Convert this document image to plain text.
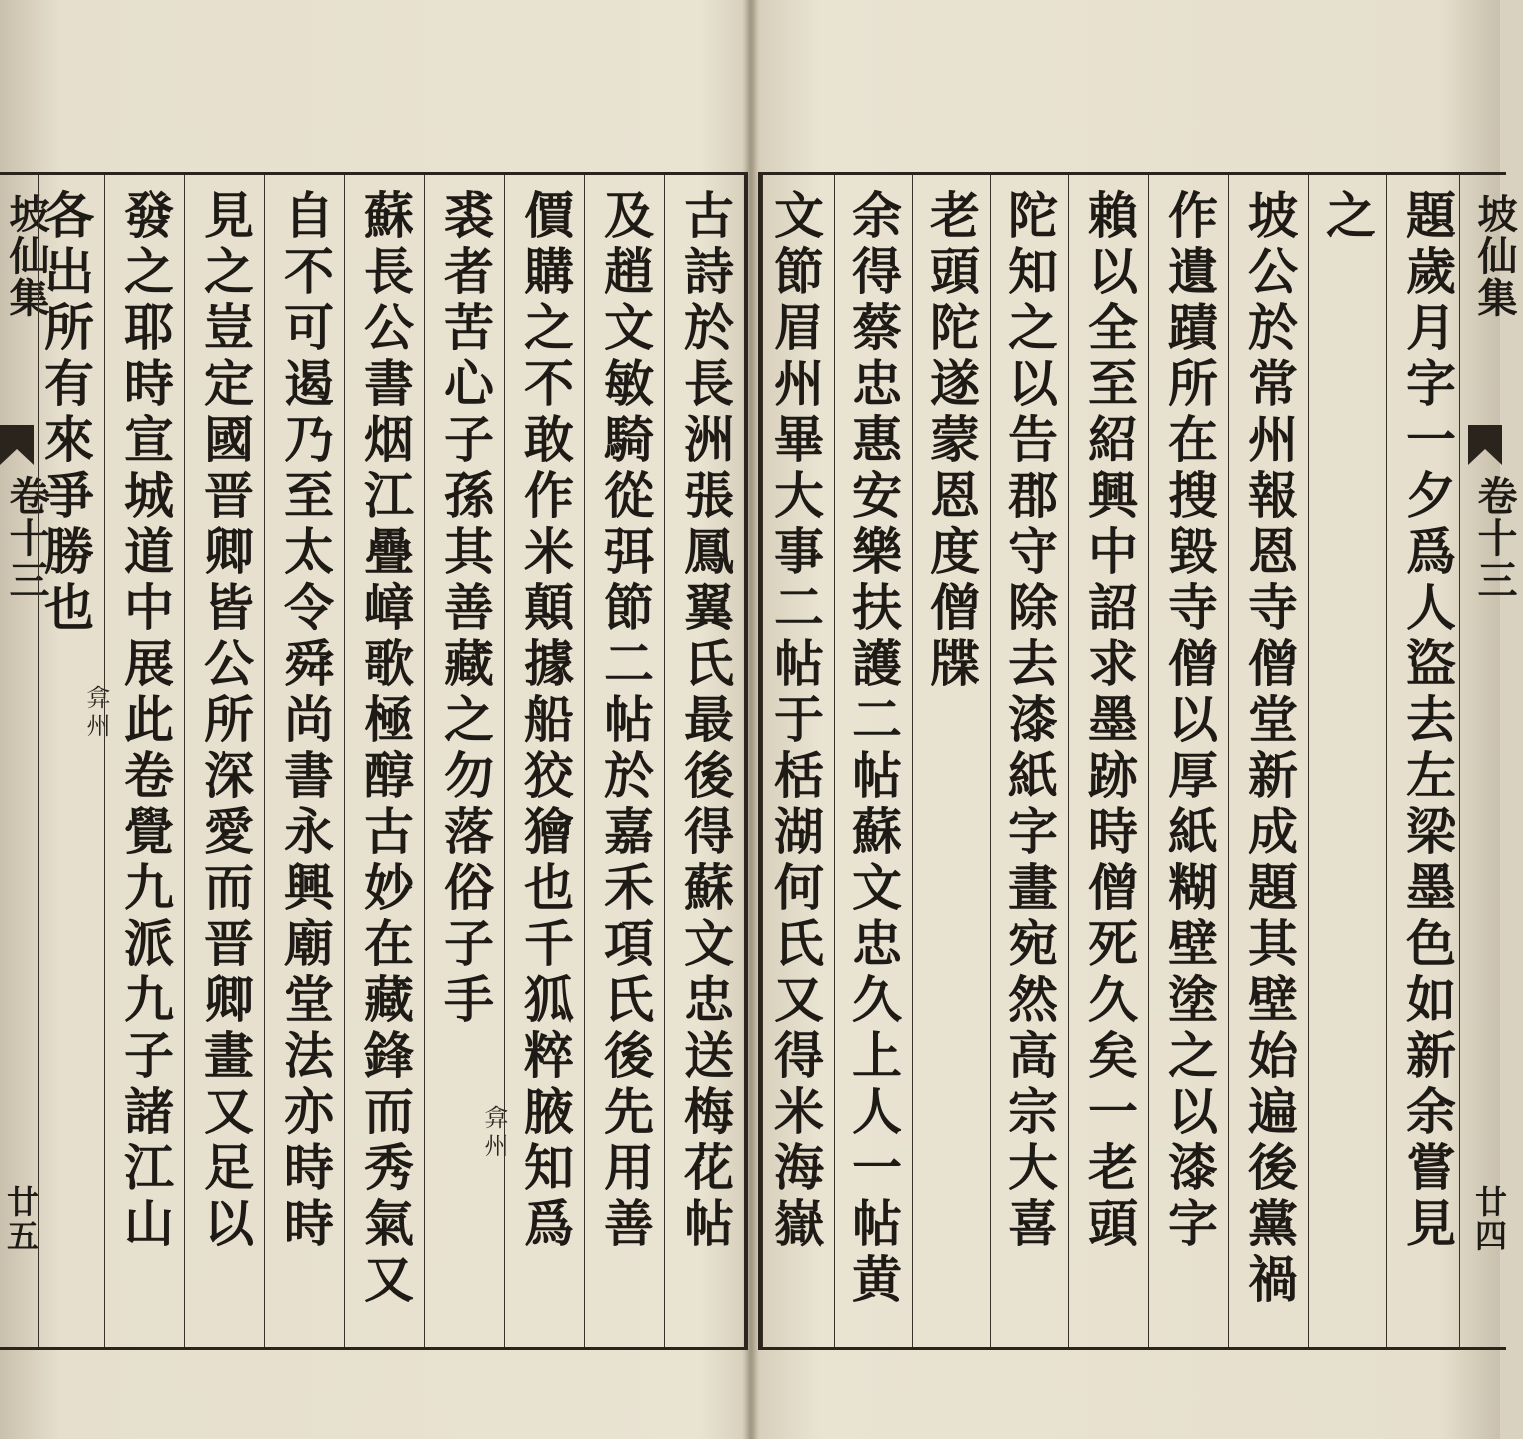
坡仙集
卷十三
廿五	古詩於長洲張鳳翼氏最後得蘇文忠送梅花帖
及趙文敏騎從弭節二帖於嘉禾項氏後先用善
價購之不敢作米顛據船狡獪也千狐粹腋知爲
裘者苦心子孫其善藏之勿落俗子手
弇州
蘇長公書烟江疊嶂歌極醇古妙在藏鋒而秀氣又
自不可遏乃至太令舜尚書永興廟堂法亦時時
見之豈定國晋卿皆公所深愛而晋卿畫又足以
發之耶時宣城道中展此卷覺九派九子諸江山
各出所有來爭勝也
弇州	題歲月字一夕爲人盜去左梁墨色如新余嘗見
之
坡公於常州報恩寺僧堂新成題其壁始遍後黨禍
作遺蹟所在搜毀寺僧以厚紙糊壁塗之以漆字
賴以全至紹興中詔求墨跡時僧死久矣一老頭
陀知之以告郡守除去漆紙字畫宛然高宗大喜
老頭陀遂蒙恩度僧牒
余得蔡忠惠安樂扶護二帖蘇文忠久上人一帖黄
文節眉州畢大事二帖于栝湖何氏又得米海嶽	坡仙集
卷十三
廿四
